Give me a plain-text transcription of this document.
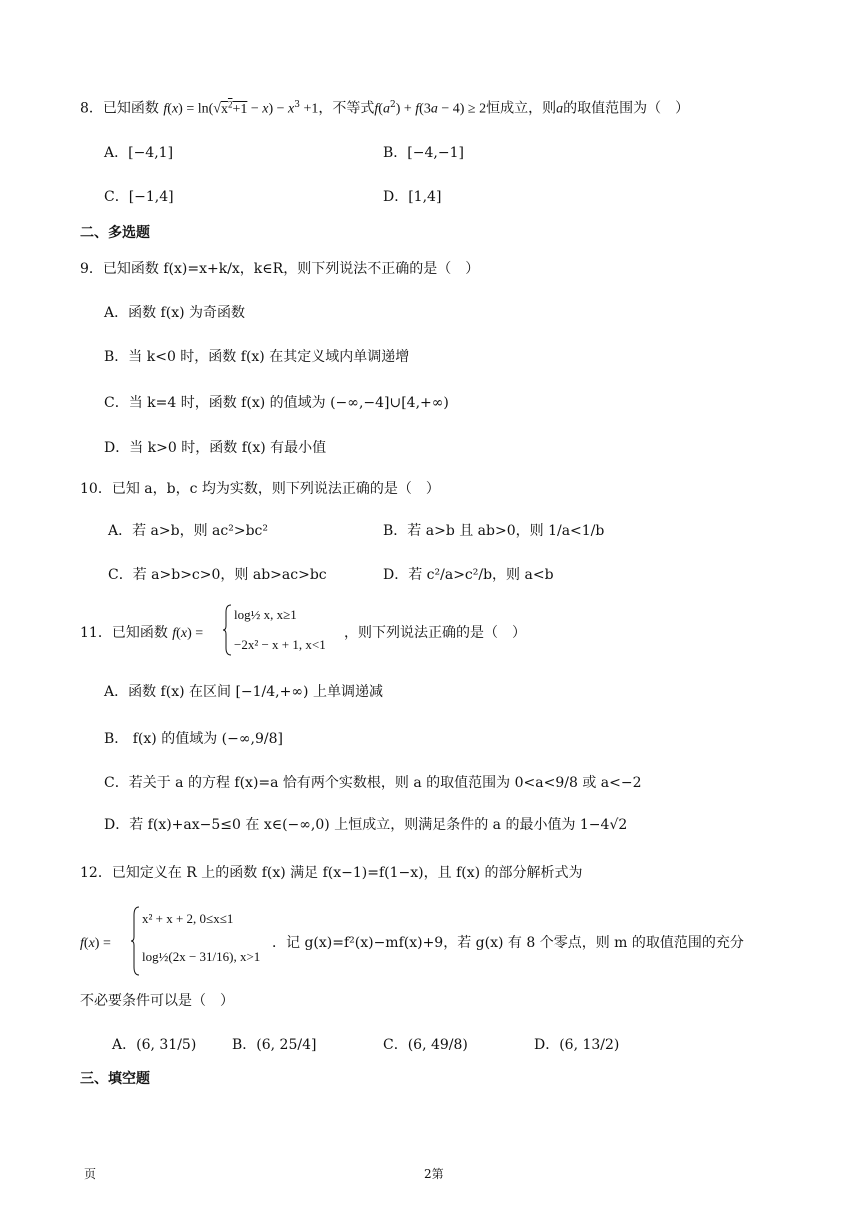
8．已知函数 $f(x) = \ln(√x^2+1 - x) - x^3 +1$，不等式$f(a^2) + f(3a - 4) \ge 2$恒成立，则a的取值范围为（　）
A．[−4,1]	B．[−4,−1]
C．[−1,4]	D．[1,4]
二、多选题
9．已知函数 f(x)=x+k/x，k∈R，则下列说法不正确的是（　）
A．函数 f(x) 为奇函数
B．当 k<0 时，函数 f(x) 在其定义域内单调递增
C．当 k=4 时，函数 f(x) 的值域为 (−∞,−4]∪[4,+∞)
D．当 k>0 时，函数 f(x) 有最小值
10．已知 a，b，c 均为实数，则下列说法正确的是（　）
A．若 a>b，则 ac²>bc²	B．若 a>b 且 ab>0，则 1/a<1/b
C．若 a>b>c>0，则 ab>ac>bc	D．若 c²/a>c²/b，则 a<b
11．已知函数 f(x) =
log½ x, x≥1
−2x² − x + 1, x<1
，则下列说法正确的是（　）
A．函数 f(x) 在区间 [−1/4,+∞) 上单调递减
B． f(x) 的值域为 (−∞,9/8]
C．若关于 a 的方程 f(x)=a 恰有两个实数根，则 a 的取值范围为 0<a<9/8 或 a<−2
D．若 f(x)+ax−5≤0 在 x∈(−∞,0) 上恒成立，则满足条件的 a 的最小值为 1−4√2
12．已知定义在 R 上的函数 f(x) 满足 f(x−1)=f(1−x)，且 f(x) 的部分解析式为
f(x) =
x² + x + 2, 0≤x≤1
log½(2x − 31/16), x>1
．记 g(x)=f²(x)−mf(x)+9，若 g(x) 有 8 个零点，则 m 的取值范围的充分
不必要条件可以是（　）
A．(6, 31/5)	B．(6, 25/4]	C．(6, 49/8)	D．(6, 13/2)
三、填空题
页	2第
